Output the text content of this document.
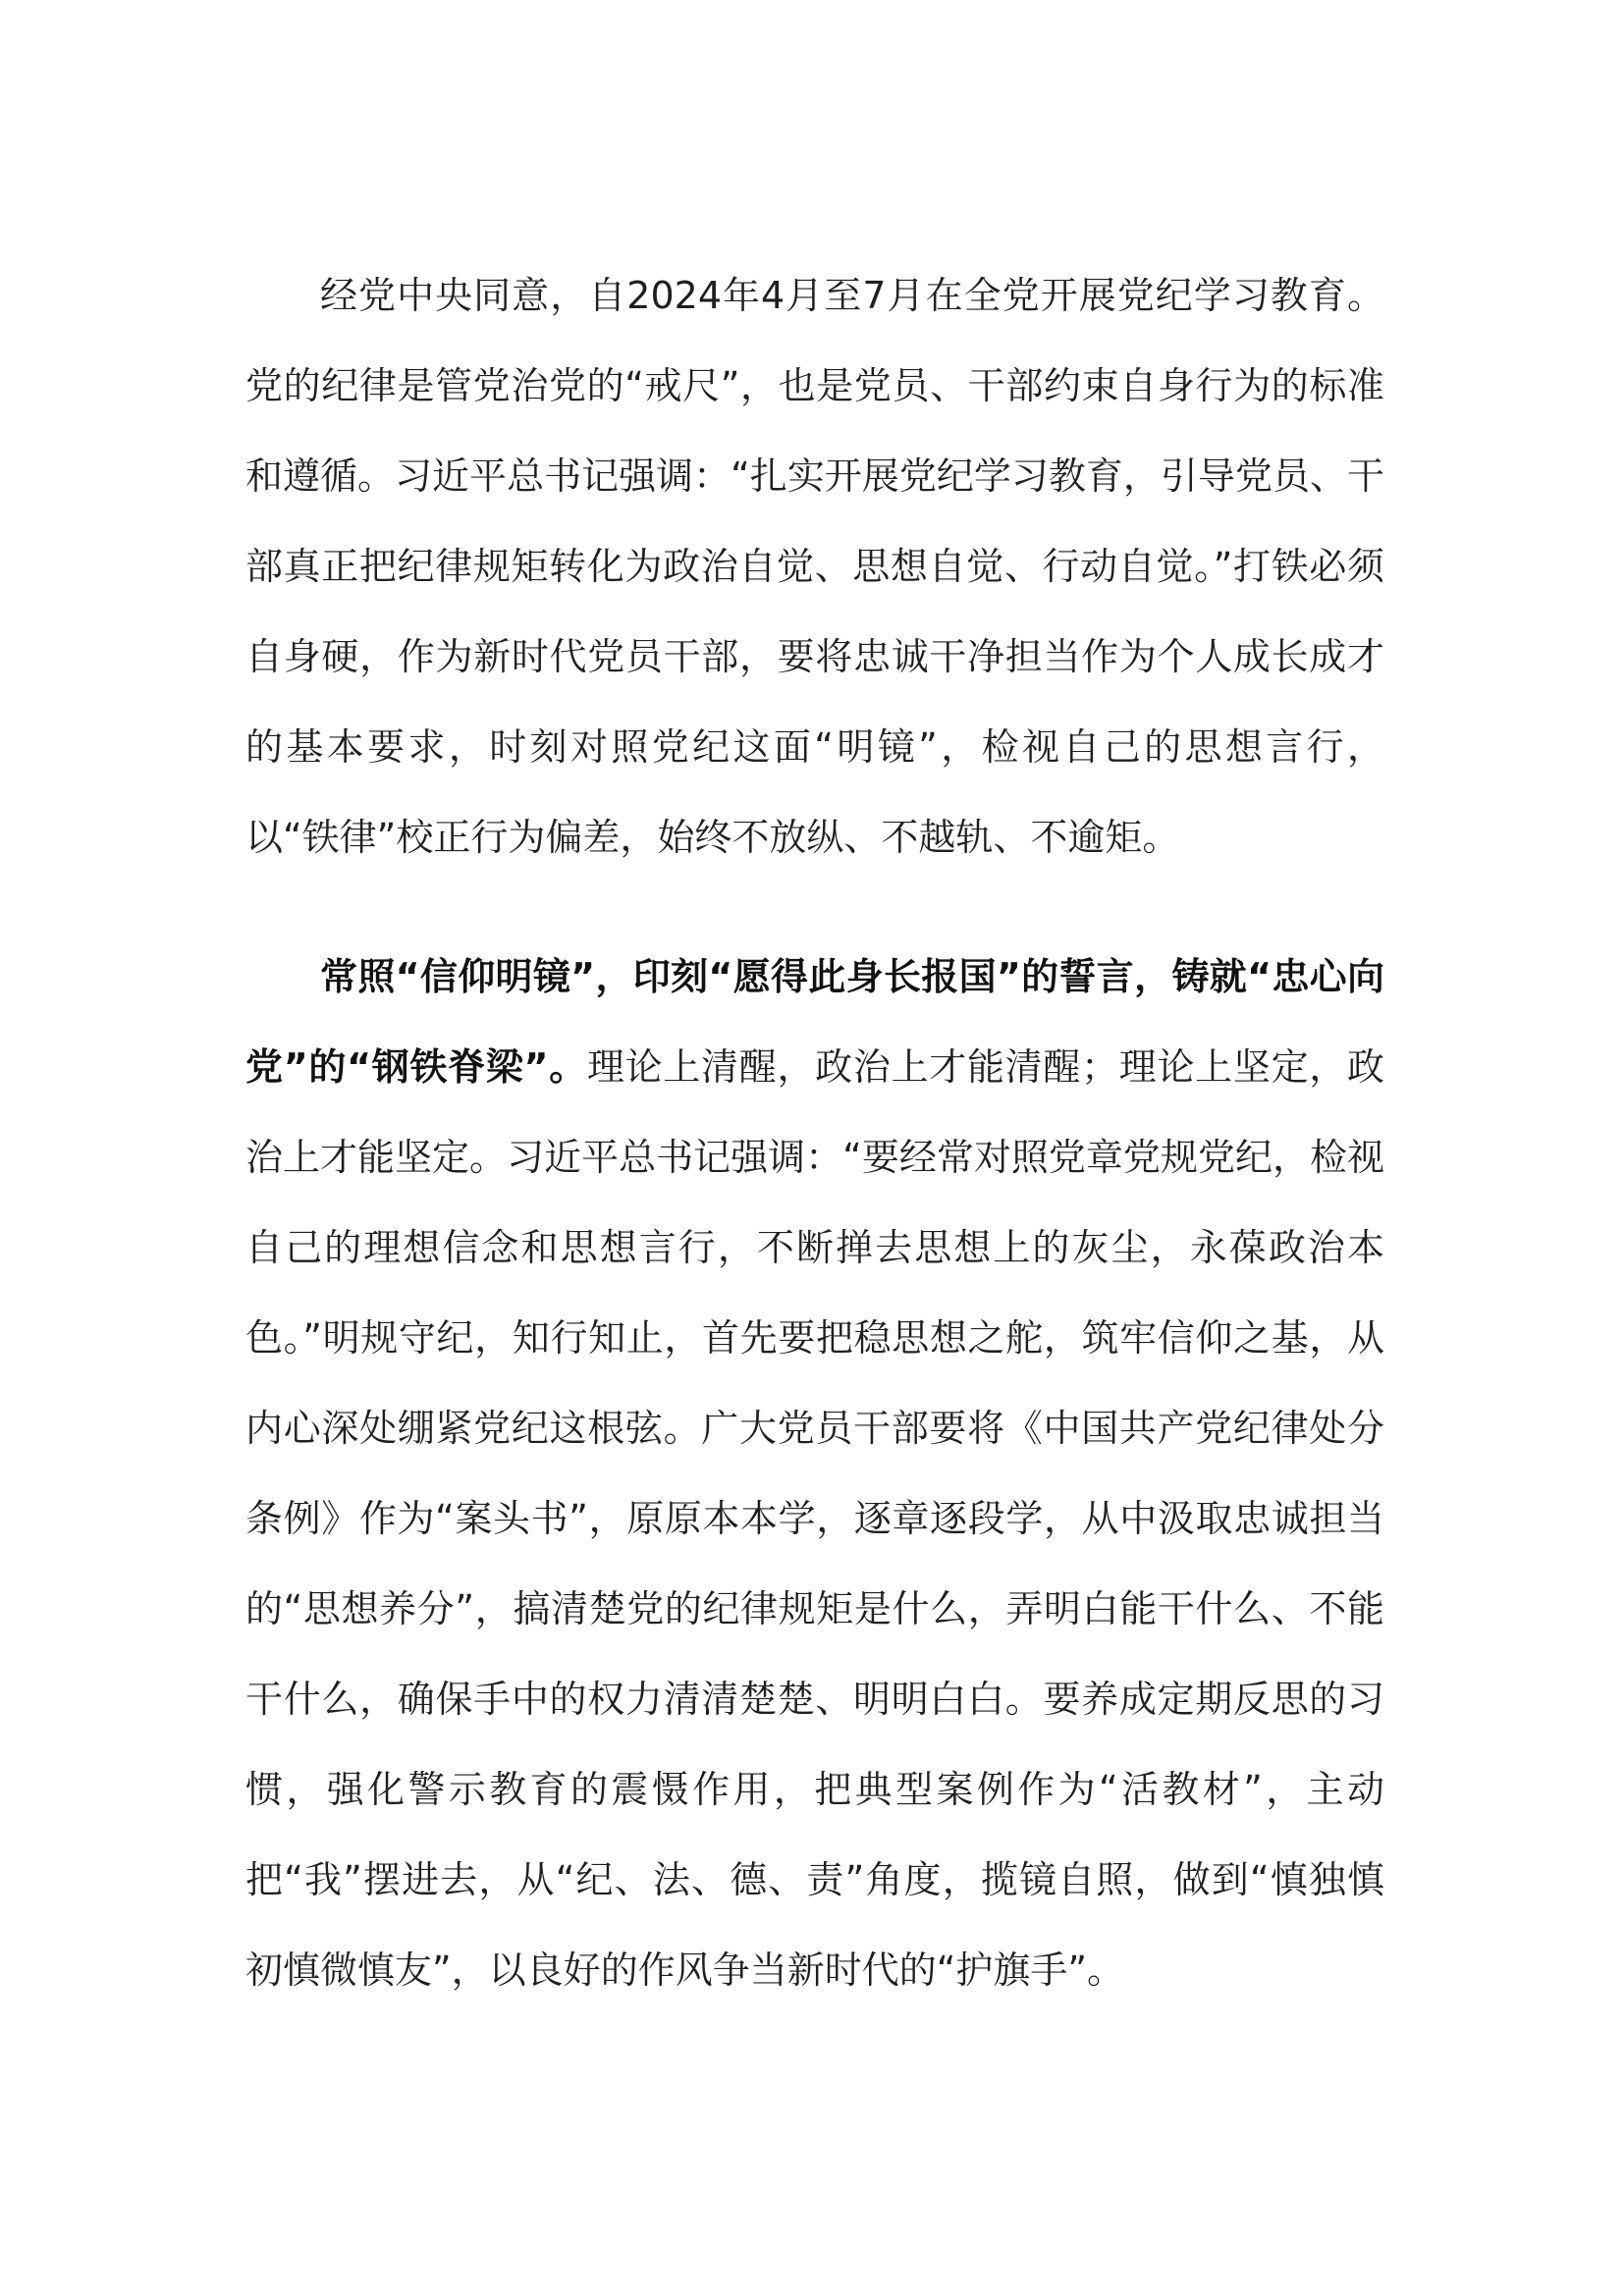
经党中央同意，自2024年4月至7月在全党开展党纪学习教育。党的纪律是管党治党的“戒尺”，也是党员、干部约束自身行为的标准和遵循。习近平总书记强调：“扎实开展党纪学习教育，引导党员、干部真正把纪律规矩转化为政治自觉、思想自觉、行动自觉。”打铁必须自身硬，作为新时代党员干部，要将忠诚干净担当作为个人成长成才的基本要求，时刻对照党纪这面“明镜”，检视自己的思想言行，以“铁律”校正行为偏差，始终不放纵、不越轨、不逾矩。

常照“信仰明镜”，印刻“愿得此身长报国”的誓言，铸就“忠心向党”的“钢铁脊梁”。理论上清醒，政治上才能清醒；理论上坚定，政治上才能坚定。习近平总书记强调：“要经常对照党章党规党纪，检视自己的理想信念和思想言行，不断掸去思想上的灰尘，永葆政治本色。”明规守纪，知行知止，首先要把稳思想之舵，筑牢信仰之基，从内心深处绷紧党纪这根弦。广大党员干部要将《中国共产党纪律处分条例》作为“案头书”，原原本本学，逐章逐段学，从中汲取忠诚担当的“思想养分”，搞清楚党的纪律规矩是什么，弄明白能干什么、不能干什么，确保手中的权力清清楚楚、明明白白。要养成定期反思的习惯，强化警示教育的震慑作用，把典型案例作为“活教材”，主动把“我”摆进去，从“纪、法、德、责”角度，揽镜自照，做到“慎独慎初慎微慎友”，以良好的作风争当新时代的“护旗手”。
